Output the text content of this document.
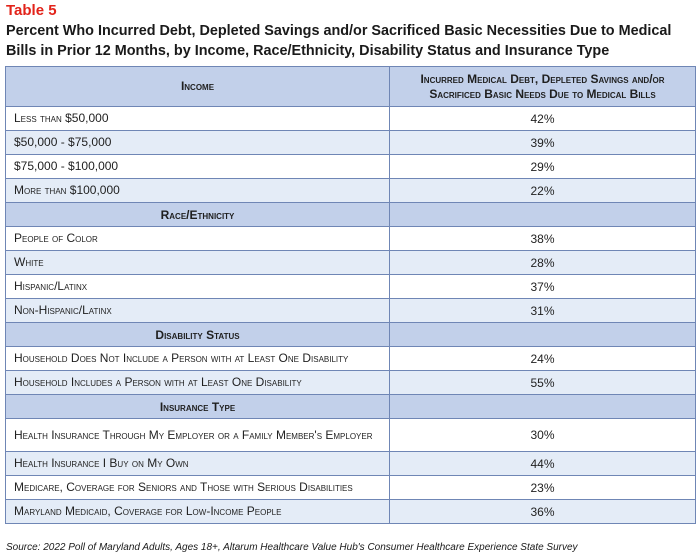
Table 5
Percent Who Incurred Debt, Depleted Savings and/or Sacrificed Basic Necessities Due to Medical Bills in Prior 12 Months, by Income, Race/Ethnicity, Disability Status and Insurance Type
Income	Incurred Medical Debt, Depleted Savings and/or Sacrificed Basic Needs Due to Medical Bills
Less than $50,000	42%
$50,000 - $75,000	39%
$75,000 - $100,000	29%
More than $100,000	22%
Race/Ethnicity	
People of Color	38%
White	28%
Hispanic/Latinx	37%
Non-Hispanic/Latinx	31%
Disability Status	
Household Does Not Include a Person with at Least One Disability	24%
Household Includes a Person with at Least One Disability	55%
Insurance Type	
Health Insurance Through My Employer or a Family Member's Employer	30%
Health Insurance I Buy on My Own	44%
Medicare, Coverage for Seniors and Those with Serious Disabilities	23%
Maryland Medicaid, Coverage for Low-Income People	36%
Source: 2022 Poll of Maryland Adults, Ages 18+, Altarum Healthcare Value Hub's Consumer Healthcare Experience State Survey
